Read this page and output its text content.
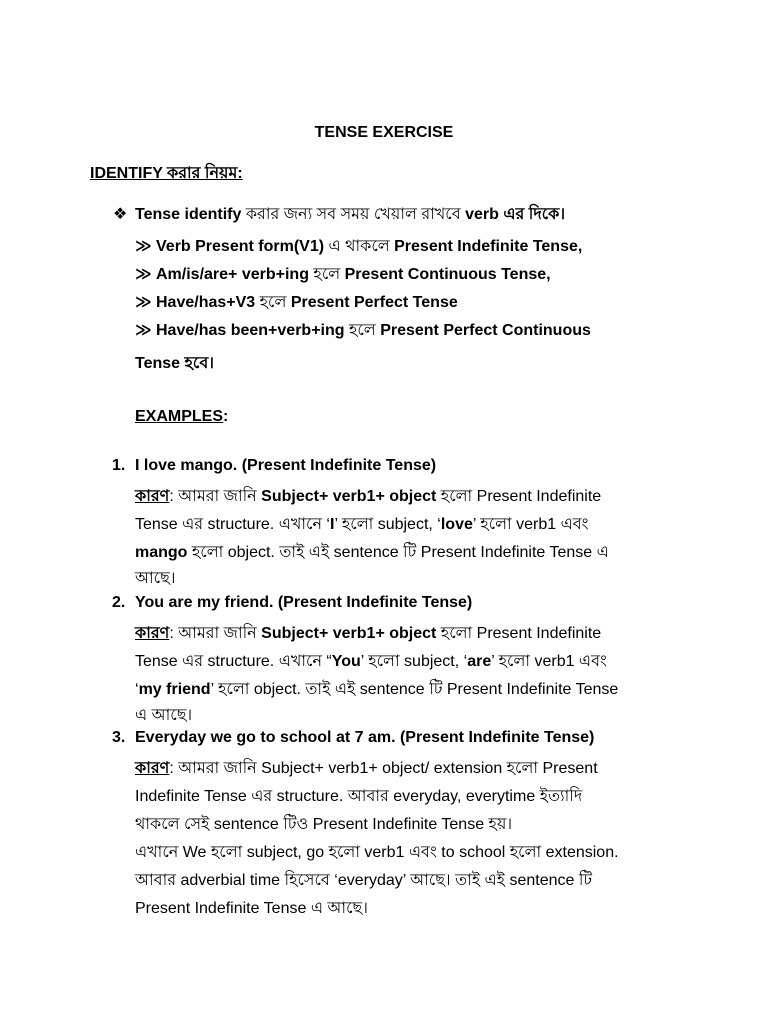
TENSE EXERCISE
IDENTIFY করার নিয়ম:
❖ Tense identify করার জন্য সব সময় খেয়াল রাখবে verb এর দিকে।
≫ Verb Present form(V1) এ থাকলে Present Indefinite Tense,
≫ Am/is/are+ verb+ing হলে Present Continuous Tense,
≫ Have/has+V3 হলে Present Perfect Tense
≫ Have/has been+verb+ing হলে Present Perfect Continuous
Tense হবে।
EXAMPLES:
1. I love mango. (Present Indefinite Tense)
কারণ: আমরা জানি Subject+ verb1+ object হলো Present Indefinite
Tense এর structure. এখানে ‘I’ হলো subject, ‘love’ হলো verb1 এবং
mango হলো object. তাই এই sentence টি Present Indefinite Tense এ
আছে।
2. You are my friend. (Present Indefinite Tense)
কারণ: আমরা জানি Subject+ verb1+ object হলো Present Indefinite
Tense এর structure. এখানে “You’ হলো subject, ‘are’ হলো verb1 এবং
‘my friend’ হলো object. তাই এই sentence টি Present Indefinite Tense
এ আছে।
3. Everyday we go to school at 7 am. (Present Indefinite Tense)
কারণ: আমরা জানি Subject+ verb1+ object/ extension হলো Present
Indefinite Tense এর structure. আবার everyday, everytime ইত্যাদি
থাকলে সেই sentence টিও Present Indefinite Tense হয়।
এখানে We হলো subject, go হলো verb1 এবং to school হলো extension.
আবার adverbial time হিসেবে ‘everyday’ আছে। তাই এই sentence টি
Present Indefinite Tense এ আছে।
